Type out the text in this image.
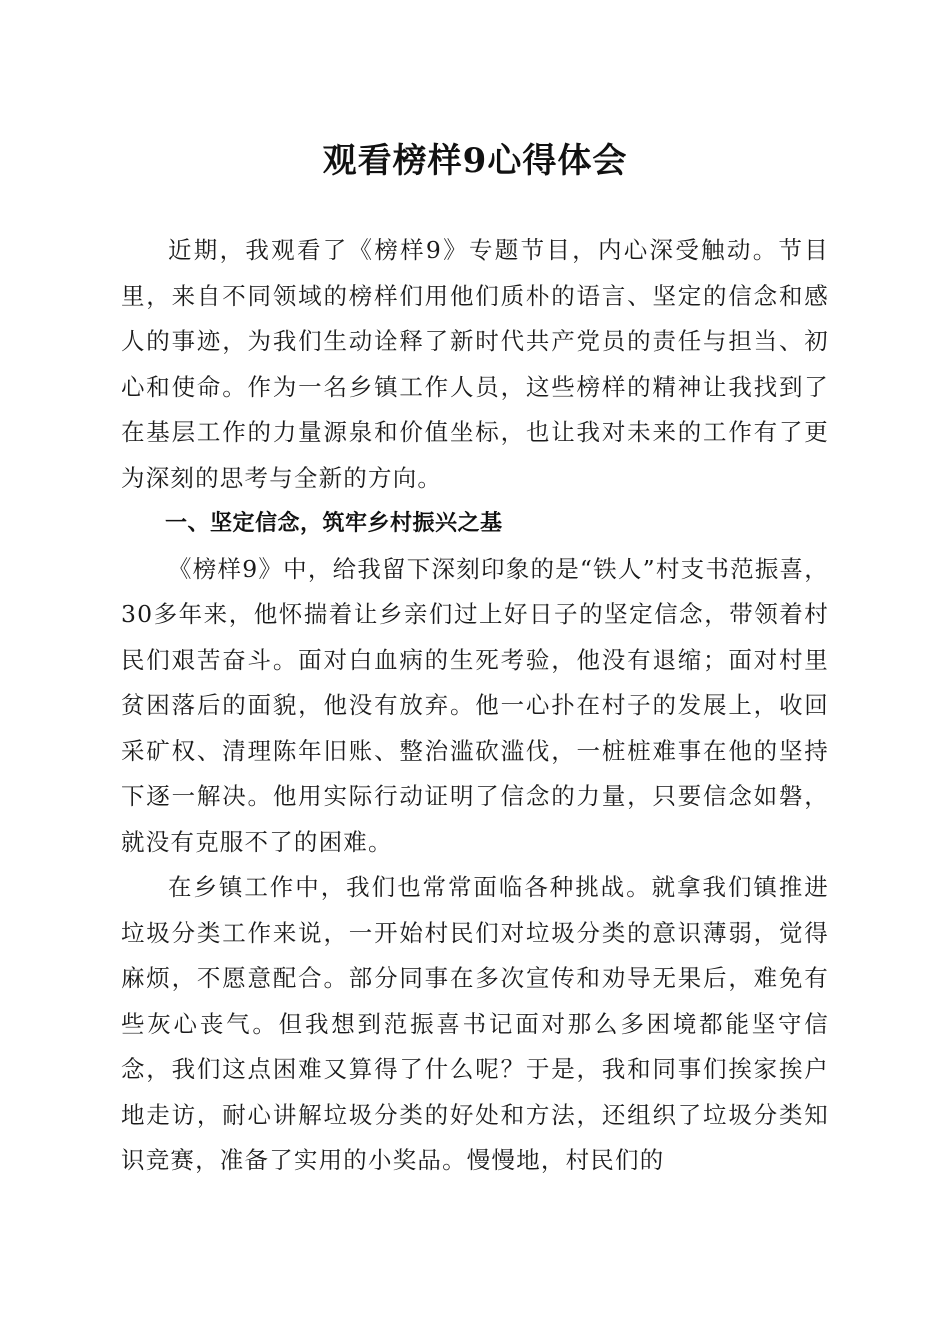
观看榜样9心得体会

近期，我观看了《榜样9》专题节目，内心深受触动。节目里，来自不同领域的榜样们用他们质朴的语言、坚定的信念和感人的事迹，为我们生动诠释了新时代共产党员的责任与担当、初心和使命。作为一名乡镇工作人员，这些榜样的精神让我找到了在基层工作的力量源泉和价值坐标，也让我对未来的工作有了更为深刻的思考与全新的方向。

一、坚定信念，筑牢乡村振兴之基

《榜样9》中，给我留下深刻印象的是“铁人”村支书范振喜，30多年来，他怀揣着让乡亲们过上好日子的坚定信念，带领着村民们艰苦奋斗。面对白血病的生死考验，他没有退缩；面对村里贫困落后的面貌，他没有放弃。他一心扑在村子的发展上，收回采矿权、清理陈年旧账、整治滥砍滥伐，一桩桩难事在他的坚持下逐一解决。他用实际行动证明了信念的力量，只要信念如磐，就没有克服不了的困难。

在乡镇工作中，我们也常常面临各种挑战。就拿我们镇推进垃圾分类工作来说，一开始村民们对垃圾分类的意识薄弱，觉得麻烦，不愿意配合。部分同事在多次宣传和劝导无果后，难免有些灰心丧气。但我想到范振喜书记面对那么多困境都能坚守信念，我们这点困难又算得了什么呢？于是，我和同事们挨家挨户地走访，耐心讲解垃圾分类的好处和方法，还组织了垃圾分类知识竞赛，准备了实用的小奖品。慢慢地，村民们的
